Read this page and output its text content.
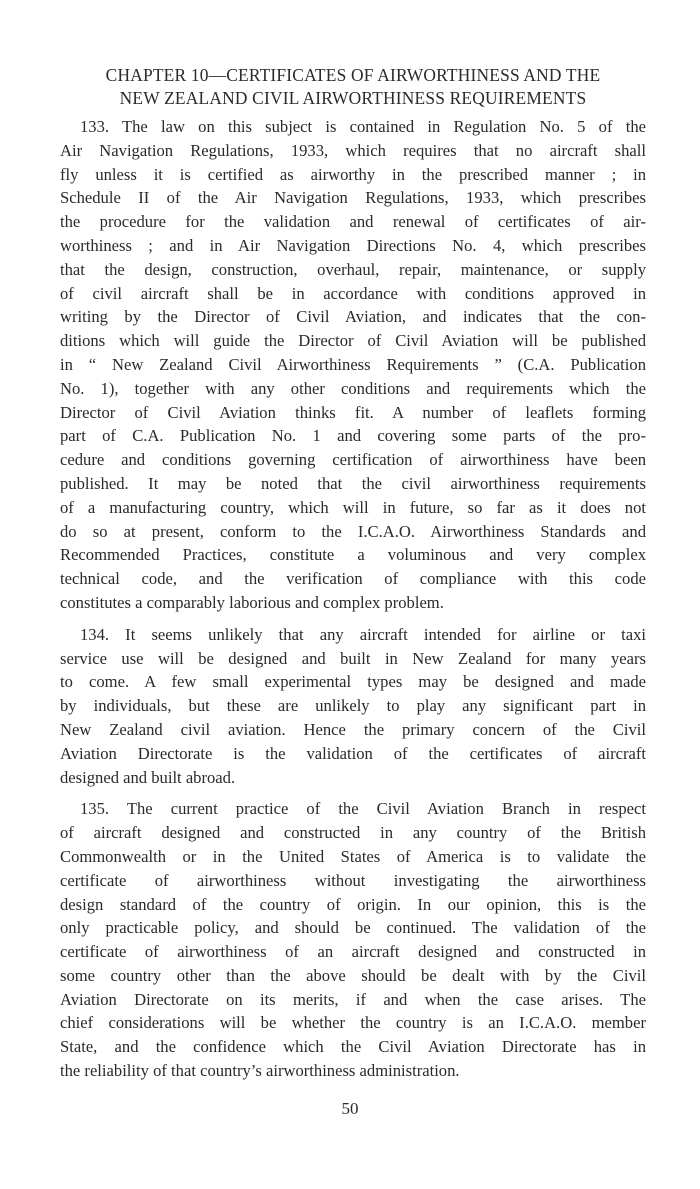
CHAPTER 10—CERTIFICATES OF AIRWORTHINESS AND THE
NEW ZEALAND CIVIL AIRWORTHINESS REQUIREMENTS

133. The law on this subject is contained in Regulation No. 5 of the
Air Navigation Regulations, 1933, which requires that no aircraft shall
fly unless it is certified as airworthy in the prescribed manner ; in
Schedule II of the Air Navigation Regulations, 1933, which prescribes
the procedure for the validation and renewal of certificates of air-
worthiness ; and in Air Navigation Directions No. 4, which prescribes
that the design, construction, overhaul, repair, maintenance, or supply
of civil aircraft shall be in accordance with conditions approved in
writing by the Director of Civil Aviation, and indicates that the con-
ditions which will guide the Director of Civil Aviation will be published
in “ New Zealand Civil Airworthiness Requirements ” (C.A. Publication
No. 1), together with any other conditions and requirements which the
Director of Civil Aviation thinks fit. A number of leaflets forming
part of C.A. Publication No. 1 and covering some parts of the pro-
cedure and conditions governing certification of airworthiness have been
published. It may be noted that the civil airworthiness requirements
of a manufacturing country, which will in future, so far as it does not
do so at present, conform to the I.C.A.O. Airworthiness Standards and
Recommended Practices, constitute a voluminous and very complex
technical code, and the verification of compliance with this code
constitutes a comparably laborious and complex problem.

134. It seems unlikely that any aircraft intended for airline or taxi
service use will be designed and built in New Zealand for many years
to come. A few small experimental types may be designed and made
by individuals, but these are unlikely to play any significant part in
New Zealand civil aviation. Hence the primary concern of the Civil
Aviation Directorate is the validation of the certificates of aircraft
designed and built abroad.

135. The current practice of the Civil Aviation Branch in respect
of aircraft designed and constructed in any country of the British
Commonwealth or in the United States of America is to validate the
certificate of airworthiness without investigating the airworthiness
design standard of the country of origin. In our opinion, this is the
only practicable policy, and should be continued. The validation of the
certificate of airworthiness of an aircraft designed and constructed in
some country other than the above should be dealt with by the Civil
Aviation Directorate on its merits, if and when the case arises. The
chief considerations will be whether the country is an I.C.A.O. member
State, and the confidence which the Civil Aviation Directorate has in
the reliability of that country’s airworthiness administration.

50
